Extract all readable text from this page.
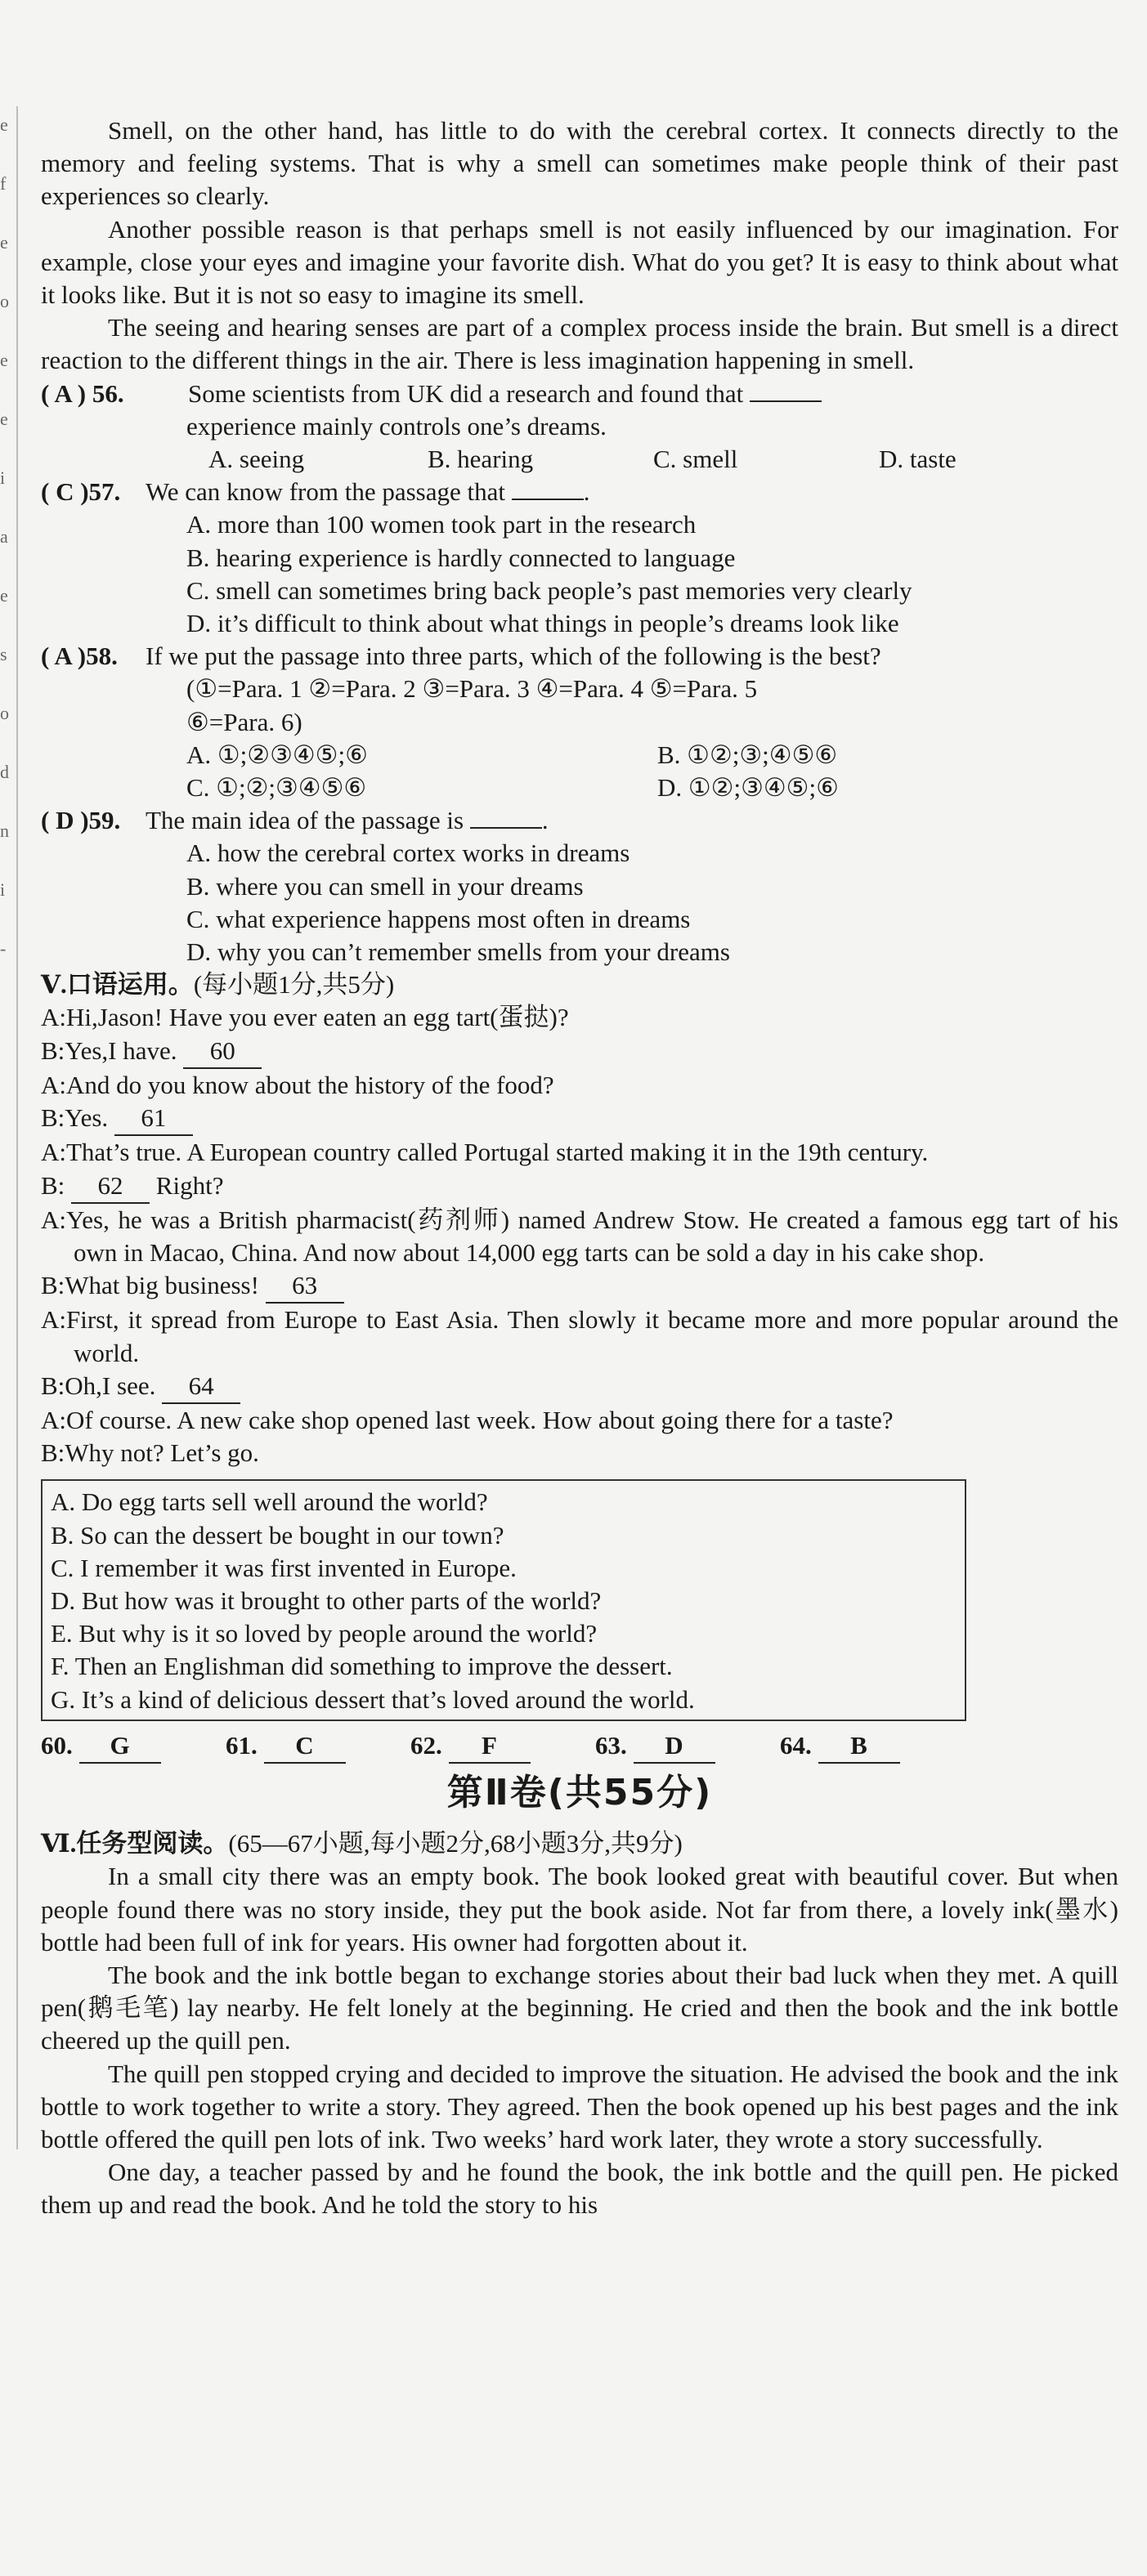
e
f
e
o
e
e
i
a
e
s
o
d
n
i
-

Smell, on the other hand, has little to do with the cerebral cortex. It connects directly to the memory and feeling systems. That is why a smell can sometimes make people think of their past experiences so clearly.

Another possible reason is that perhaps smell is not easily influenced by our imagination. For example, close your eyes and imagine your favorite dish. What do you get? It is easy to think about what it looks like. But it is not so easy to imagine its smell.

The seeing and hearing senses are part of a complex process inside the brain. But smell is a direct reaction to the different things in the air. There is less imagination happening in smell.

( A ) 56.	Some scientists from UK did a research and found that

experience mainly controls one’s dreams.

A. seeing	B. hearing	C. smell	D. taste
( C )57. We can know from the passage that	.

A. more than 100 women took part in the research

B. hearing experience is hardly connected to language

C. smell can sometimes bring back people’s past memories very clearly

D. it’s difficult to think about what things in people’s dreams look like

( A )58.	If we put the passage into three parts, which of the following is the best?

(①=Para. 1 ②=Para. 2 ③=Para. 3 ④=Para. 4 ⑤=Para. 5

⑥=Para. 6)

A. ①;②③④⑤;⑥	B. ①②;③;④⑤⑥
C. ①;②;③④⑤⑥	D. ①②;③④⑤;⑥
( D )59. The main idea of the passage is	.

A. how the cerebral cortex works in dreams

B. where you can smell in your dreams

C. what experience happens most often in dreams

D. why you can’t remember smells from your dreams

Ⅴ.口语运用。(每小题1分,共5分)

A:Hi,Jason! Have you ever eaten an egg tart(蛋挞)?

B:Yes,I have. 60

A:And do you know about the history of the food?

B:Yes. 61

A:That’s true. A European country called Portugal started making it in the 19th century.

B: 62 Right?

A:Yes, he was a British pharmacist(药剂师) named Andrew Stow. He created a famous egg tart of his own in Macao, China. And now about 14,000 egg tarts can be sold a day in his cake shop.

B:What big business! 63

A:First, it spread from Europe to East Asia. Then slowly it became more and more popular around the world.

B:Oh,I see. 64

A:Of course. A new cake shop opened last week. How about going there for a taste?

B:Why not? Let’s go.

A. Do egg tarts sell well around the world?
B. So can the dessert be bought in our town?
C. I remember it was first invented in Europe.
D. But how was it brought to other parts of the world?
E. But why is it so loved by people around the world?
F. Then an Englishman did something to improve the dessert.
G. It’s a kind of delicious dessert that’s loved around the world.
60. G	61. C	62. F	63. D	64. B
第Ⅱ卷(共55分)

Ⅵ.任务型阅读。(65—67小题,每小题2分,68小题3分,共9分)

In a small city there was an empty book. The book looked great with beautiful cover. But when people found there was no story inside, they put the book aside. Not far from there, a lovely ink(墨水) bottle had been full of ink for years. His owner had forgotten about it.

The book and the ink bottle began to exchange stories about their bad luck when they met. A quill pen(鹅毛笔) lay nearby. He felt lonely at the beginning. He cried and then the book and the ink bottle cheered up the quill pen.

The quill pen stopped crying and decided to improve the situation. He advised the book and the ink bottle to work together to write a story. They agreed. Then the book opened up his best pages and the ink bottle offered the quill pen lots of ink. Two weeks’ hard work later, they wrote a story successfully.

One day, a teacher passed by and he found the book, the ink bottle and the quill pen. He picked them up and read the book. And he told the story to his
